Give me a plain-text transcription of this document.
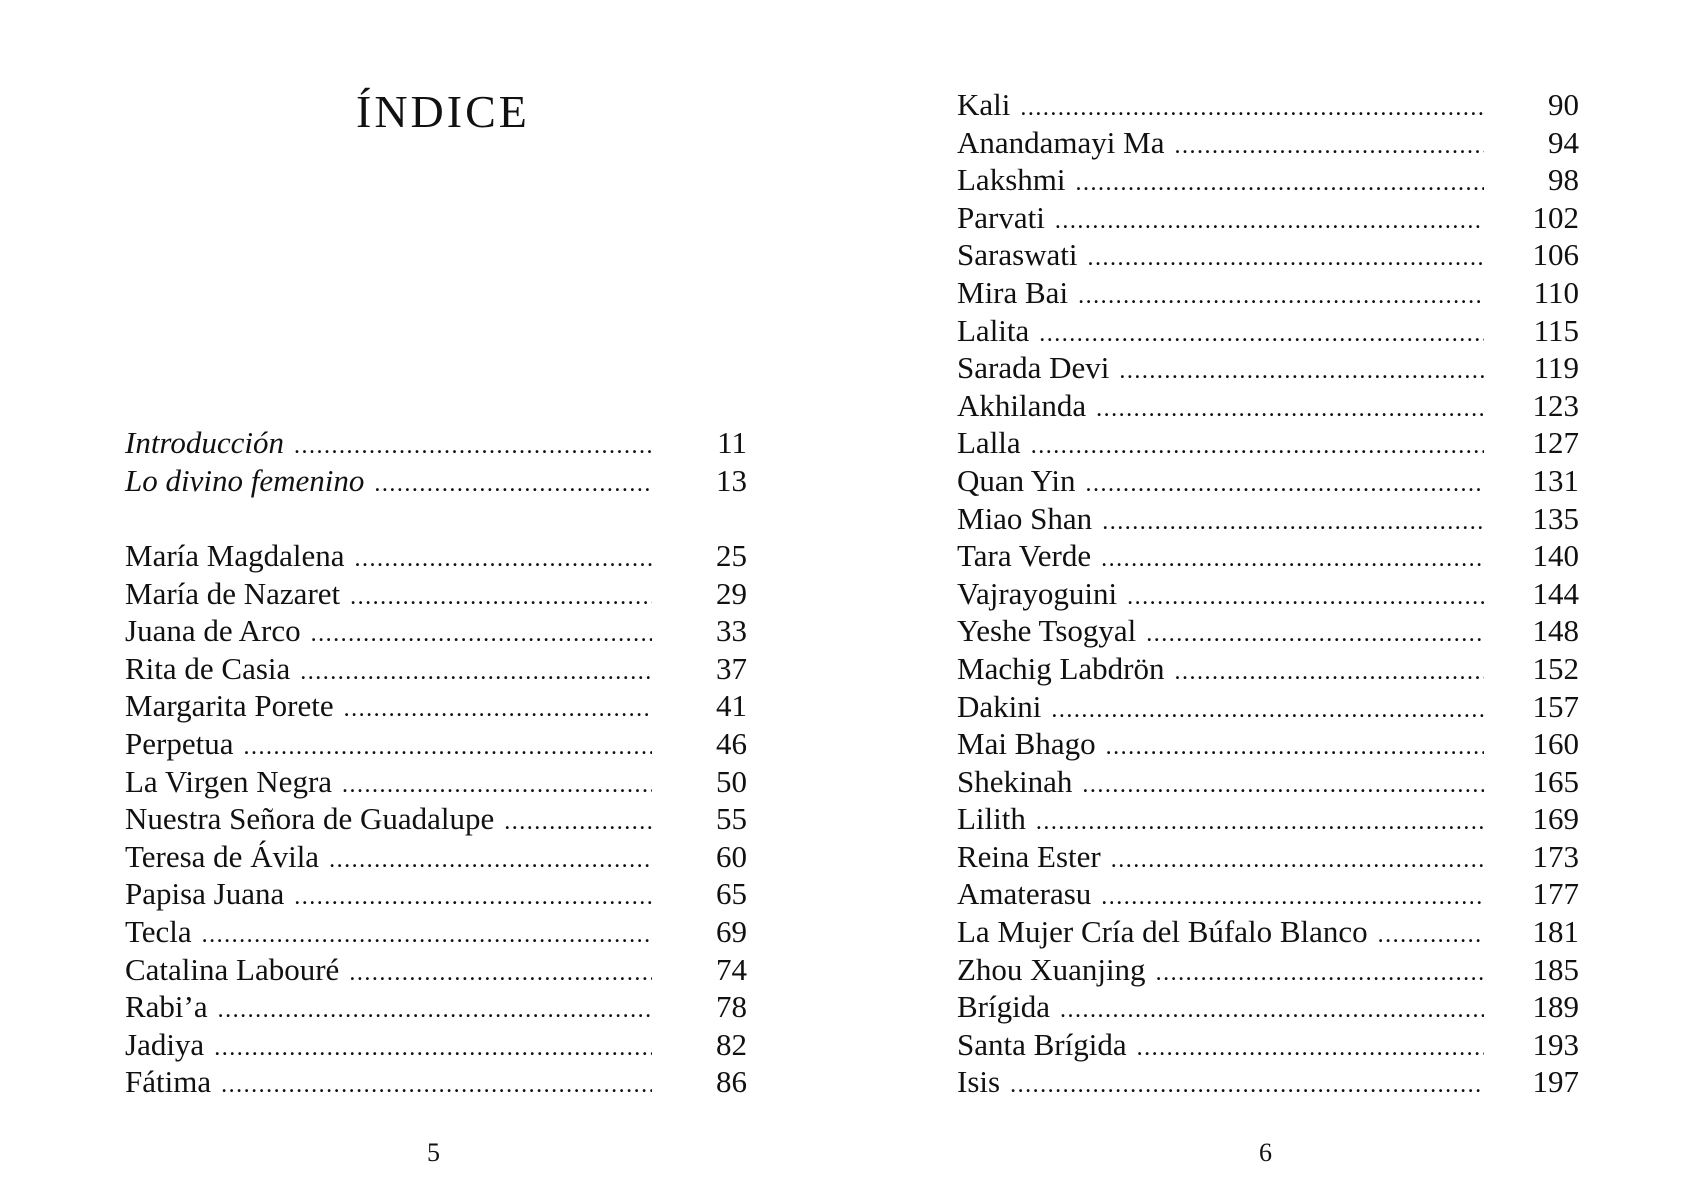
ÍNDICE
Introducción .....	11
Lo divino femenino .....	13
María Magdalena .....	25
María de Nazaret .....	29
Juana de Arco .....	33
Rita de Casia .....	37
Margarita Porete .....	41
Perpetua .....	46
La Virgen Negra .....	50
Nuestra Señora de Guadalupe .....	55
Teresa de Ávila .....	60
Papisa Juana .....	65
Tecla .....	69
Catalina Labouré .....	74
Rabi’a .....	78
Jadiya .....	82
Fátima .....	86
5
Kali .....	90
Anandamayi Ma .....	94
Lakshmi .....	98
Parvati .....	102
Saraswati .....	106
Mira Bai .....	110
Lalita .....	115
Sarada Devi .....	119
Akhilanda .....	123
Lalla .....	127
Quan Yin .....	131
Miao Shan .....	135
Tara Verde .....	140
Vajrayoguini .....	144
Yeshe Tsogyal .....	148
Machig Labdrön .....	152
Dakini .....	157
Mai Bhago .....	160
Shekinah .....	165
Lilith .....	169
Reina Ester .....	173
Amaterasu .....	177
La Mujer Cría del Búfalo Blanco .....	181
Zhou Xuanjing .....	185
Brígida .....	189
Santa Brígida .....	193
Isis .....	197
6
